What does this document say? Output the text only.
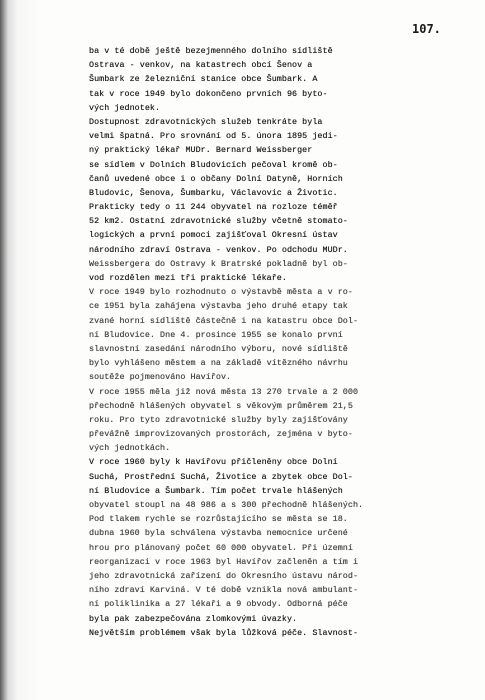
107.
ba v té době ještě bezejmenného dolního sídliště
Ostrava - venkov, na katastrech obcí Šenov a
Šumbark ze železniční stanice obce Šumbark. A
tak v roce 1949 bylo dokončeno prvních 96 byto-
vých jednotek.
Dostupnost zdravotnických služeb tenkráte byla
velmi špatná. Pro srovnání od 5. února 1895 jedi-
ný praktický lékař MUDr. Bernard Weissberger
se sídlem v Dolních Bludovicích pečoval kromě ob-
čanů uvedené obce i o občany Dolní Datyně, Horních
Bludovic, Šenova, Šumbarku, Václavovic a Životic.
Prakticky tedy o 11 244 obyvatel na rozloze téměř
52 km2. Ostatní zdravotnické služby včetně stomato-
logických a první pomoci zajišťoval Okresní ústav
národního zdraví Ostrava - venkov. Po odchodu MUDr.
Weissbergera do Ostravy k Bratrské pokladně byl ob-
vod rozdělen mezi tři praktické lékaře.
V roce 1949 bylo rozhodnuto o výstavbě města a v ro-
ce 1951 byla zahájena výstavba jeho druhé etapy tak
zvané horní sídliště částečně i na katastru obce Dol-
ní Bludovice. Dne 4. prosince 1955 se konalo první
slavnostní zasedání národního výboru, nové sídliště
bylo vyhlášeno městem a na základě vítězného návrhu
soutěže pojmenováno Havířov.
V roce 1955 měla již nová města 13 270 trvale a 2 000
přechodně hlášených obyvatel s věkovým průměrem 21,5
roku. Pro tyto zdravotnické služby byly zajišťovány
převážně improvizovaných prostorách, zejména v byto-
vých jednotkách.
V roce 1960 byly k Havířovu přičleněny obce Dolní
Suchá, Prostřední Suchá, Životice a zbytek obce Dol-
ní Bludovice a Šumbark. Tím počet trvale hlášených
obyvatel stoupl na 48 986 a s 300 přechodně hlášených.
Pod tlakem rychle se rozrůstajícího se města se 18.
dubna 1960 byla schválena výstavba nemocnice určené
hrou pro plánovaný počet 60 000 obyvatel. Při územní
reorganizaci v roce 1963 byl Havířov začleněn a tím i
jeho zdravotnická zařízení do Okresního ústavu národ-
ního zdraví Karviná. V té době vznikla nová ambulant-
ní poliklinika a 27 lékaři a 9 obvody. Odborná péče
byla pak zabezpečována zlomkovými úvazky.
Největším problémem však byla lůžková péče. Slavnost-
